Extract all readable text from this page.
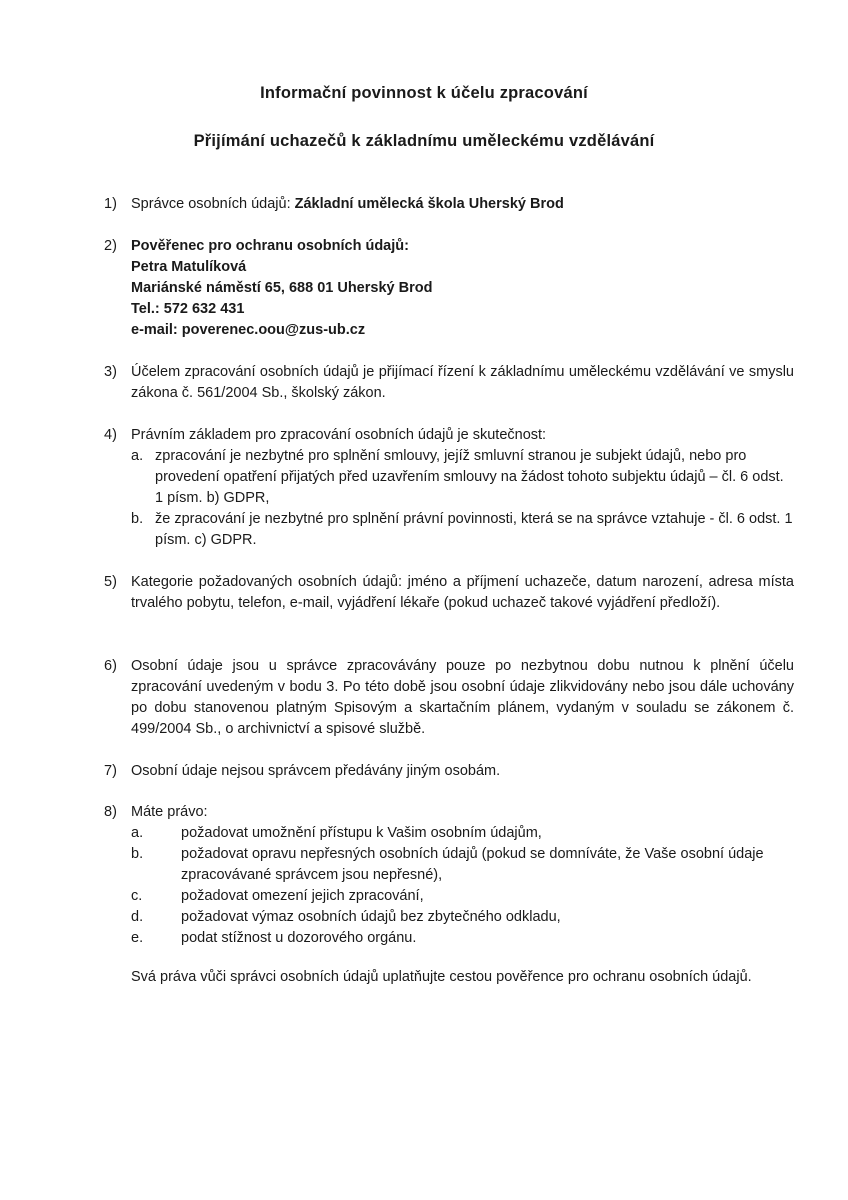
Informační povinnost k účelu zpracování
Přijímání uchazečů k základnímu uměleckému vzdělávání
1) Správce osobních údajů: Základní umělecká škola Uherský Brod
2) Pověřenec pro ochranu osobních údajů:
Petra Matulíková
Mariánské náměstí 65, 688 01 Uherský Brod
Tel.: 572 632 431
e-mail: poverenec.oou@zus-ub.cz
3) Účelem zpracování osobních údajů je přijímací řízení k základnímu uměleckému vzdělávání ve smyslu zákona č. 561/2004 Sb., školský zákon.
4) Právním základem pro zpracování osobních údajů je skutečnost:
a. zpracování je nezbytné pro splnění smlouvy, jejíž smluvní stranou je subjekt údajů, nebo pro provedení opatření přijatých před uzavřením smlouvy na žádost tohoto subjektu údajů – čl. 6 odst. 1 písm. b) GDPR,
b. že zpracování je nezbytné pro splnění právní povinnosti, která se na správce vztahuje - čl. 6 odst. 1 písm. c) GDPR.
5) Kategorie požadovaných osobních údajů: jméno a příjmení uchazeče, datum narození, adresa místa trvalého pobytu, telefon, e-mail, vyjádření lékaře (pokud uchazeč takové vyjádření předloží).
6) Osobní údaje jsou u správce zpracovávány pouze po nezbytnou dobu nutnou k plnění účelu zpracování uvedeným v bodu 3. Po této době jsou osobní údaje zlikvidovány nebo jsou dále uchovány po dobu stanovenou platným Spisovým a skartačním plánem, vydaným v souladu se zákonem č. 499/2004 Sb., o archivnictví a spisové službě.
7) Osobní údaje nejsou správcem předávány jiným osobám.
8) Máte právo:
a.	požadovat umožnění přístupu k Vašim osobním údajům,
b.	požadovat opravu nepřesných osobních údajů (pokud se domníváte, že Vaše osobní údaje zpracovávané správcem jsou nepřesné),
c.	požadovat omezení jejich zpracování,
d.	požadovat výmaz osobních údajů bez zbytečného odkladu,
e.	podat stížnost u dozorového orgánu.
Svá práva vůči správci osobních údajů uplatňujte cestou pověřence pro ochranu osobních údajů.
